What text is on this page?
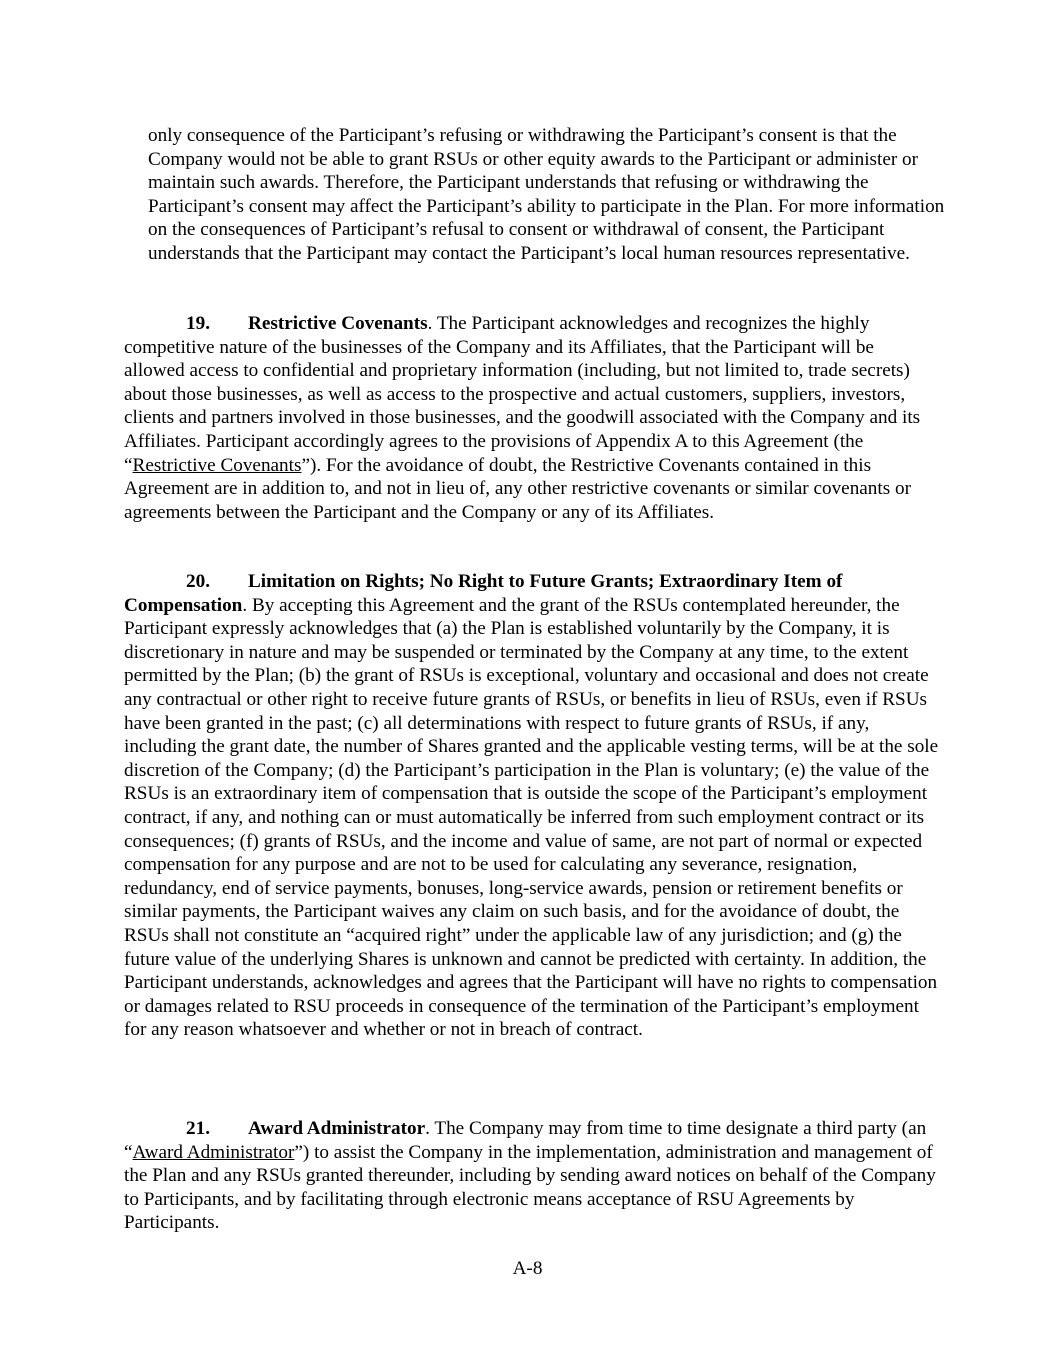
only consequence of the Participant’s refusing or withdrawing the Participant’s consent is that the Company would not be able to grant RSUs or other equity awards to the Participant or administer or maintain such awards. Therefore, the Participant understands that refusing or withdrawing the Participant’s consent may affect the Participant’s ability to participate in the Plan. For more information on the consequences of Participant’s refusal to consent or withdrawal of consent, the Participant understands that the Participant may contact the Participant’s local human resources representative.

19. Restrictive Covenants. The Participant acknowledges and recognizes the highly competitive nature of the businesses of the Company and its Affiliates, that the Participant will be allowed access to confidential and proprietary information (including, but not limited to, trade secrets) about those businesses, as well as access to the prospective and actual customers, suppliers, investors, clients and partners involved in those businesses, and the goodwill associated with the Company and its Affiliates. Participant accordingly agrees to the provisions of Appendix A to this Agreement (the “Restrictive Covenants”). For the avoidance of doubt, the Restrictive Covenants contained in this Agreement are in addition to, and not in lieu of, any other restrictive covenants or similar covenants or agreements between the Participant and the Company or any of its Affiliates.

20. Limitation on Rights; No Right to Future Grants; Extraordinary Item of Compensation. By accepting this Agreement and the grant of the RSUs contemplated hereunder, the Participant expressly acknowledges that (a) the Plan is established voluntarily by the Company, it is discretionary in nature and may be suspended or terminated by the Company at any time, to the extent permitted by the Plan; (b) the grant of RSUs is exceptional, voluntary and occasional and does not create any contractual or other right to receive future grants of RSUs, or benefits in lieu of RSUs, even if RSUs have been granted in the past; (c) all determinations with respect to future grants of RSUs, if any, including the grant date, the number of Shares granted and the applicable vesting terms, will be at the sole discretion of the Company; (d) the Participant’s participation in the Plan is voluntary; (e) the value of the RSUs is an extraordinary item of compensation that is outside the scope of the Participant’s employment contract, if any, and nothing can or must automatically be inferred from such employment contract or its consequences; (f) grants of RSUs, and the income and value of same, are not part of normal or expected compensation for any purpose and are not to be used for calculating any severance, resignation, redundancy, end of service payments, bonuses, long-service awards, pension or retirement benefits or similar payments, the Participant waives any claim on such basis, and for the avoidance of doubt, the RSUs shall not constitute an “acquired right” under the applicable law of any jurisdiction; and (g) the future value of the underlying Shares is unknown and cannot be predicted with certainty. In addition, the Participant understands, acknowledges and agrees that the Participant will have no rights to compensation or damages related to RSU proceeds in consequence of the termination of the Participant’s employment for any reason whatsoever and whether or not in breach of contract.

21. Award Administrator. The Company may from time to time designate a third party (an “Award Administrator”) to assist the Company in the implementation, administration and management of the Plan and any RSUs granted thereunder, including by sending award notices on behalf of the Company to Participants, and by facilitating through electronic means acceptance of RSU Agreements by Participants.

A-8
